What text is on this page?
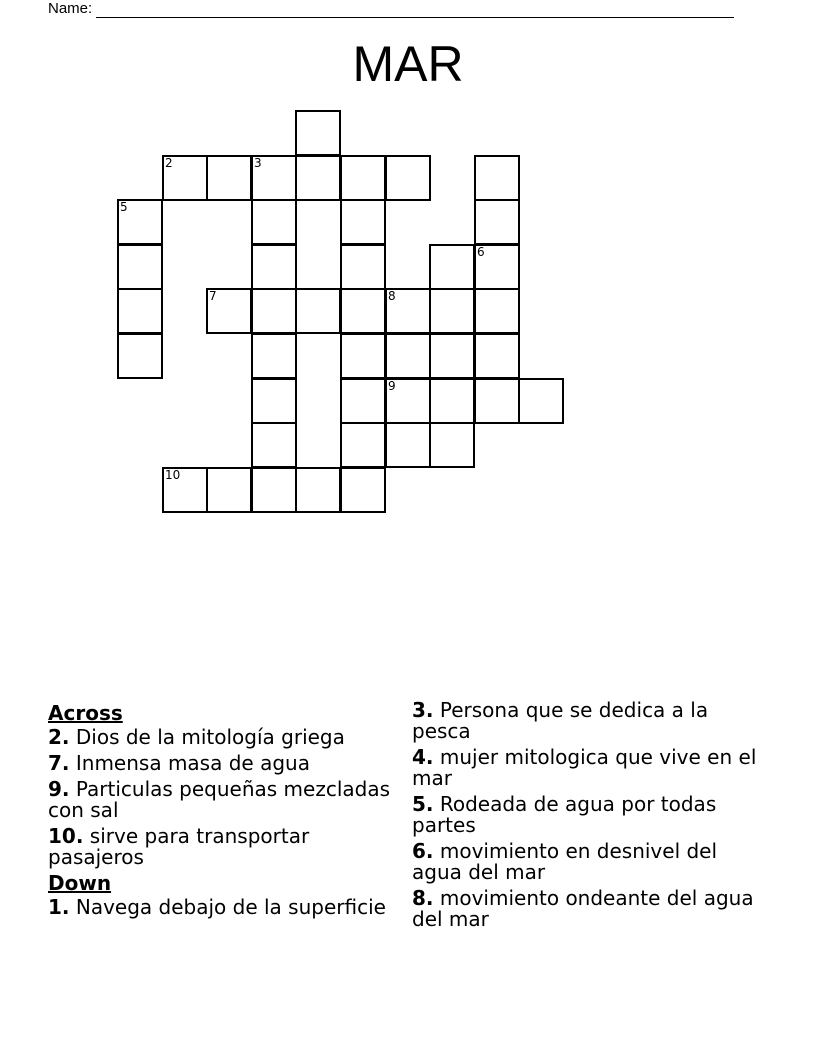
Name:
MAR
2	3
5
6
7	8
9
10
Across
2. Dios de la mitología griega
7. Inmensa masa de agua
9. Particulas pequeñas mezcladas con sal
10. sirve para transportar pasajeros
Down
1. Navega debajo de la superficie
3. Persona que se dedica a la pesca
4. mujer mitologica que vive en el mar
5. Rodeada de agua por todas partes
6. movimiento en desnivel del agua del mar
8. movimiento ondeante del agua del mar
